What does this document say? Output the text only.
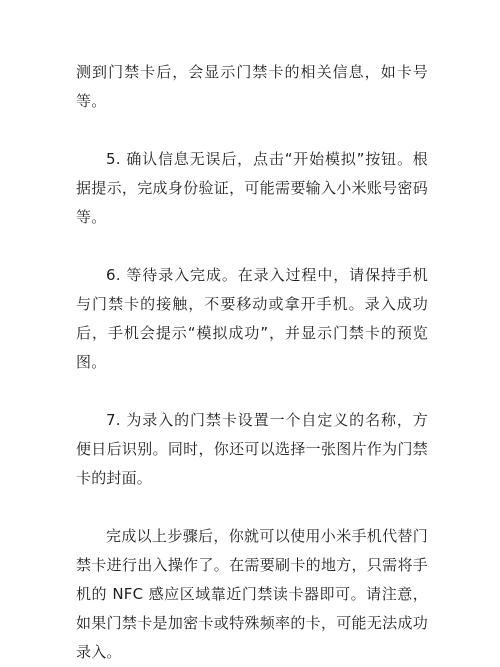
测到门禁卡后，会显示门禁卡的相关信息，如卡号等。

5. 确认信息无误后，点击“开始模拟”按钮。根据提示，完成身份验证，可能需要输入小米账号密码等。

6. 等待录入完成。在录入过程中，请保持手机与门禁卡的接触，不要移动或拿开手机。录入成功后，手机会提示“模拟成功”，并显示门禁卡的预览图。

7. 为录入的门禁卡设置一个自定义的名称，方便日后识别。同时，你还可以选择一张图片作为门禁卡的封面。

完成以上步骤后，你就可以使用小米手机代替门禁卡进行出入操作了。在需要刷卡的地方，只需将手机的 NFC 感应区域靠近门禁读卡器即可。请注意，如果门禁卡是加密卡或特殊频率的卡，可能无法成功录入。
